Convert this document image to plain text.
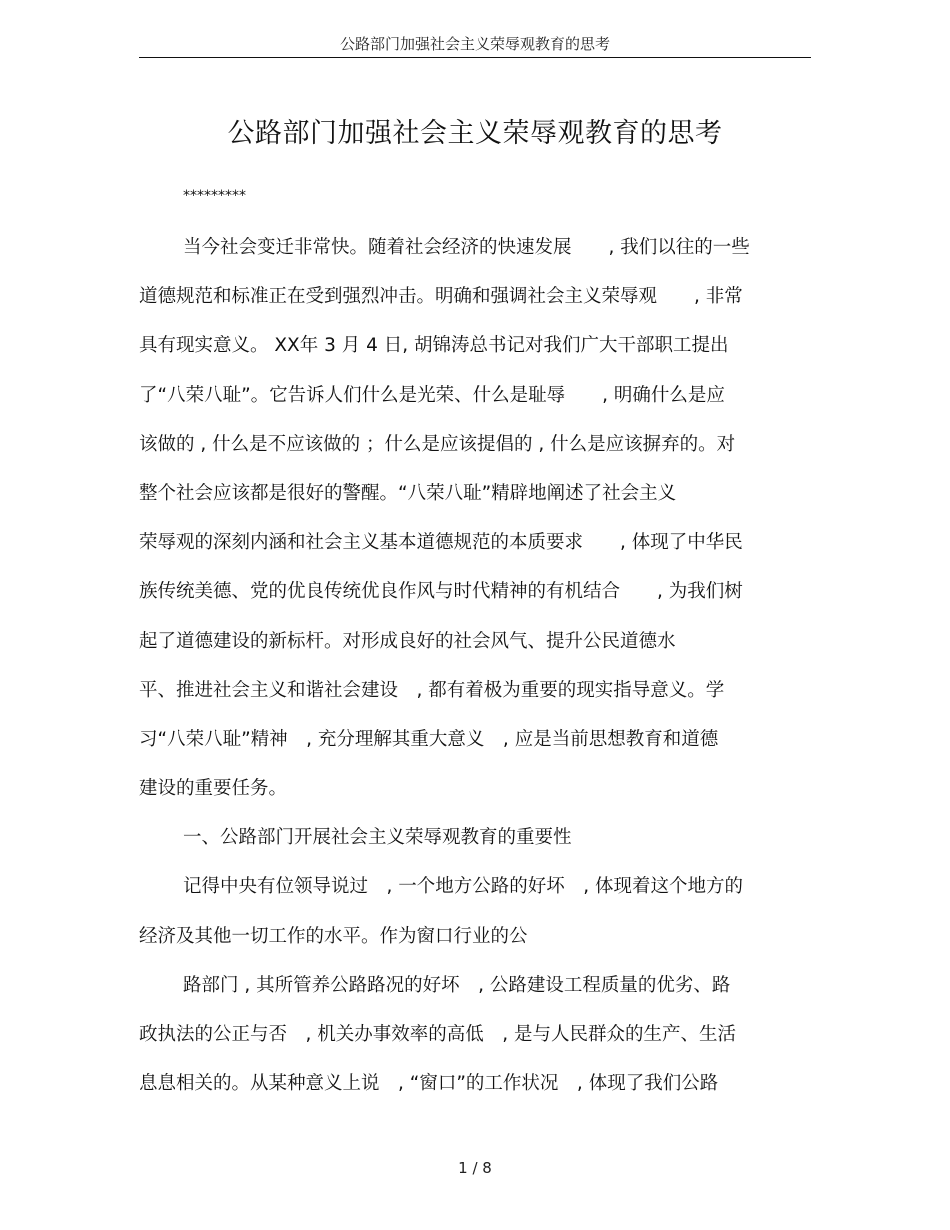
公路部门加强社会主义荣辱观教育的思考
公路部门加强社会主义荣辱观教育的思考
*********
当今社会变迁非常快。随着社会经济的快速发展　　, 我们以往的一些
道德规范和标准正在受到强烈冲击。明确和强调社会主义荣辱观　　, 非常
具有现实意义。 XX年 3 月 4 日, 胡锦涛总书记对我们广大干部职工提出
了“八荣八耻”。它告诉人们什么是光荣、什么是耻辱　　, 明确什么是应
该做的 , 什么是不应该做的 ；什么是应该提倡的 , 什么是应该摒弃的。对
整个社会应该都是很好的警醒。“八荣八耻”精辟地阐述了社会主义
荣辱观的深刻内涵和社会主义基本道德规范的本质要求　　, 体现了中华民
族传统美德、党的优良传统优良作风与时代精神的有机结合　　, 为我们树
起了道德建设的新标杆。对形成良好的社会风气、提升公民道德水
平、推进社会主义和谐社会建设　, 都有着极为重要的现实指导意义。学
习“八荣八耻”精神　, 充分理解其重大意义　, 应是当前思想教育和道德
建设的重要任务。
一、公路部门开展社会主义荣辱观教育的重要性
记得中央有位领导说过　, 一个地方公路的好坏　, 体现着这个地方的
经济及其他一切工作的水平。作为窗口行业的公
路部门 , 其所管养公路路况的好坏　, 公路建设工程质量的优劣、路
政执法的公正与否　, 机关办事效率的高低　, 是与人民群众的生产、生活
息息相关的。从某种意义上说　, “窗口”的工作状况　, 体现了我们公路
1 / 8
